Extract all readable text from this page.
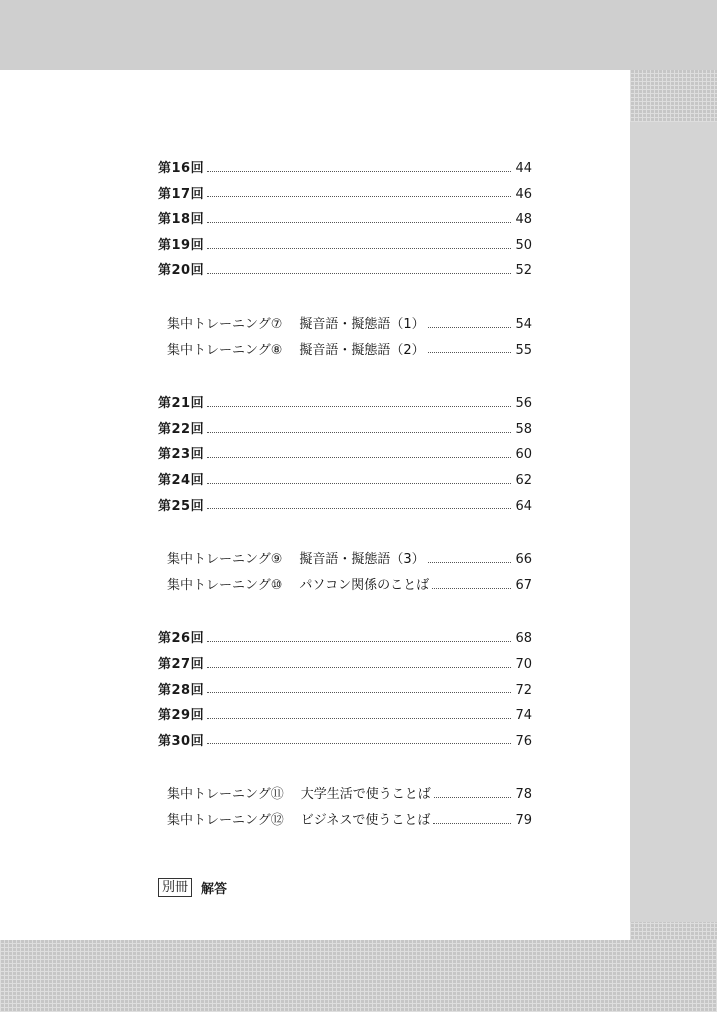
第16回	44
第17回	46
第18回	48
第19回	50
第20回	52
集中トレーニング⑦ 擬音語・擬態語（1）	54
集中トレーニング⑧ 擬音語・擬態語（2）	55
第21回	56
第22回	58
第23回	60
第24回	62
第25回	64
集中トレーニング⑨ 擬音語・擬態語（3）	66
集中トレーニング⑩ パソコン関係のことば	67
第26回	68
第27回	70
第28回	72
第29回	74
第30回	76
集中トレーニング⑪ 大学生活で使うことば	78
集中トレーニング⑫ ビジネスで使うことば	79
別冊	解答
